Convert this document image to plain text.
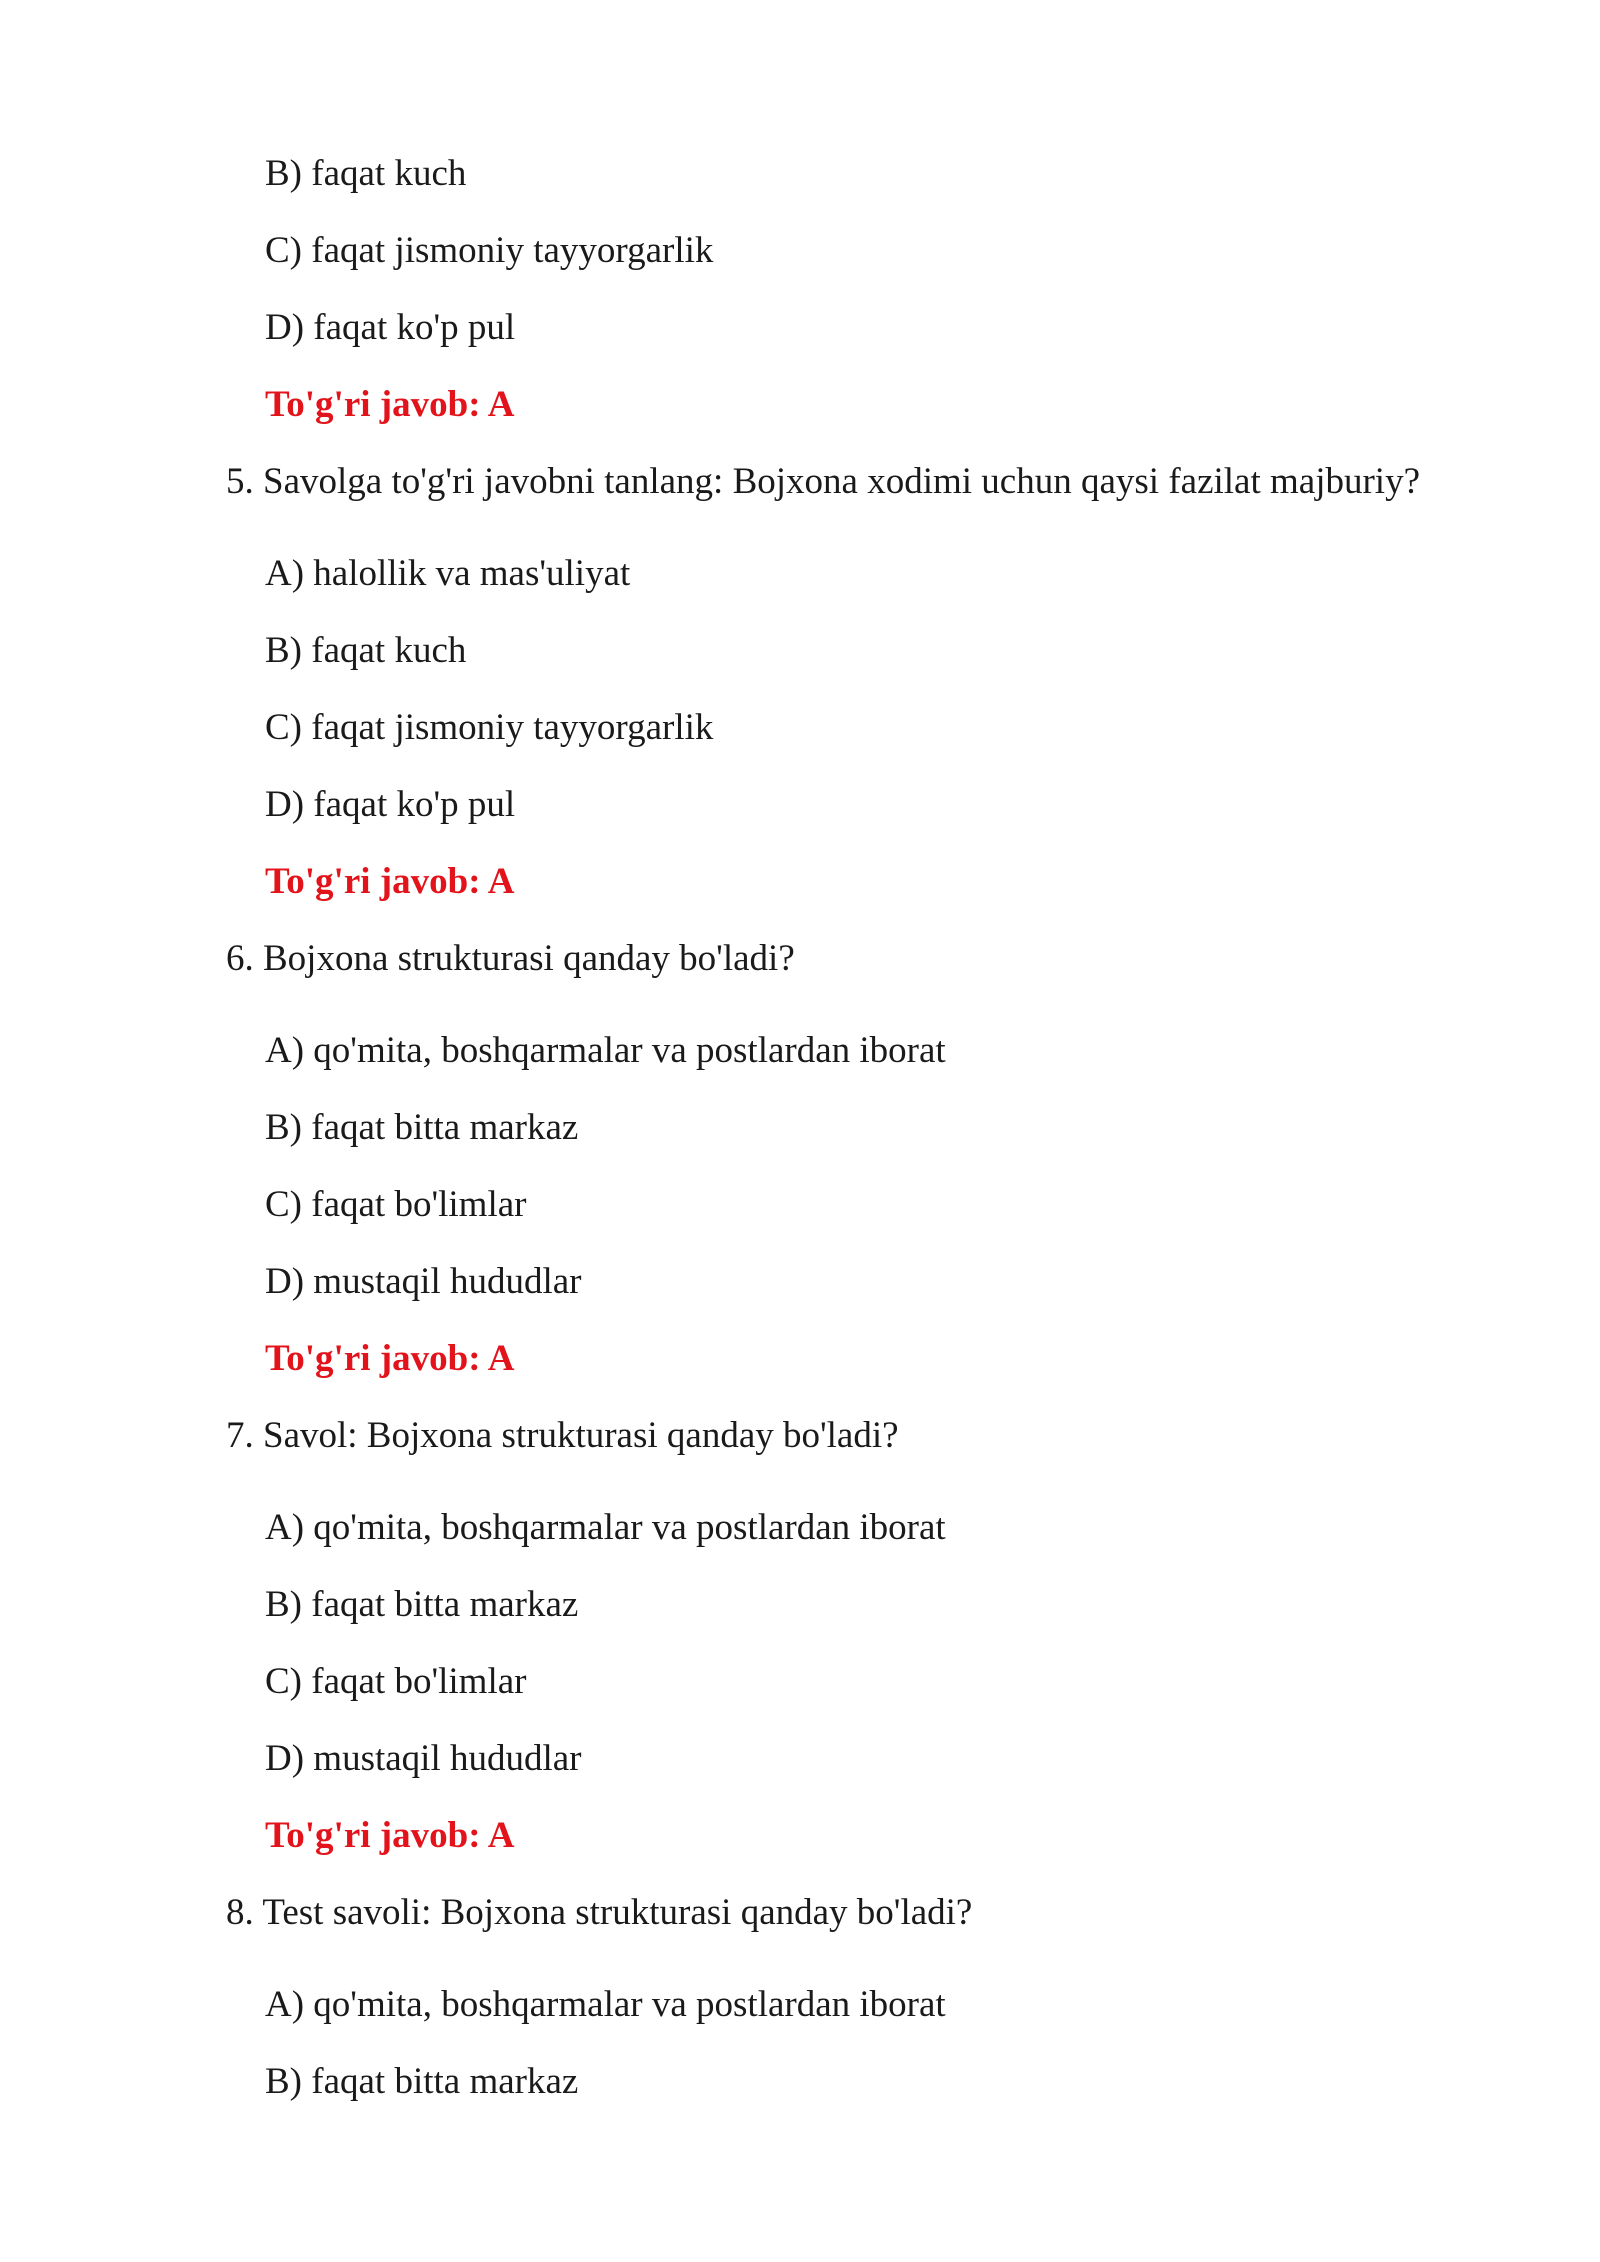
B) faqat kuch
C) faqat jismoniy tayyorgarlik
D) faqat ko'p pul
To'g'ri javob: A
5. Savolga to'g'ri javobni tanlang: Bojxona xodimi uchun qaysi fazilat majburiy?
A) halollik va mas'uliyat
B) faqat kuch
C) faqat jismoniy tayyorgarlik
D) faqat ko'p pul
To'g'ri javob: A
6. Bojxona strukturasi qanday bo'ladi?
A) qo'mita, boshqarmalar va postlardan iborat
B) faqat bitta markaz
C) faqat bo'limlar
D) mustaqil hududlar
To'g'ri javob: A
7. Savol: Bojxona strukturasi qanday bo'ladi?
A) qo'mita, boshqarmalar va postlardan iborat
B) faqat bitta markaz
C) faqat bo'limlar
D) mustaqil hududlar
To'g'ri javob: A
8. Test savoli: Bojxona strukturasi qanday bo'ladi?
A) qo'mita, boshqarmalar va postlardan iborat
B) faqat bitta markaz
